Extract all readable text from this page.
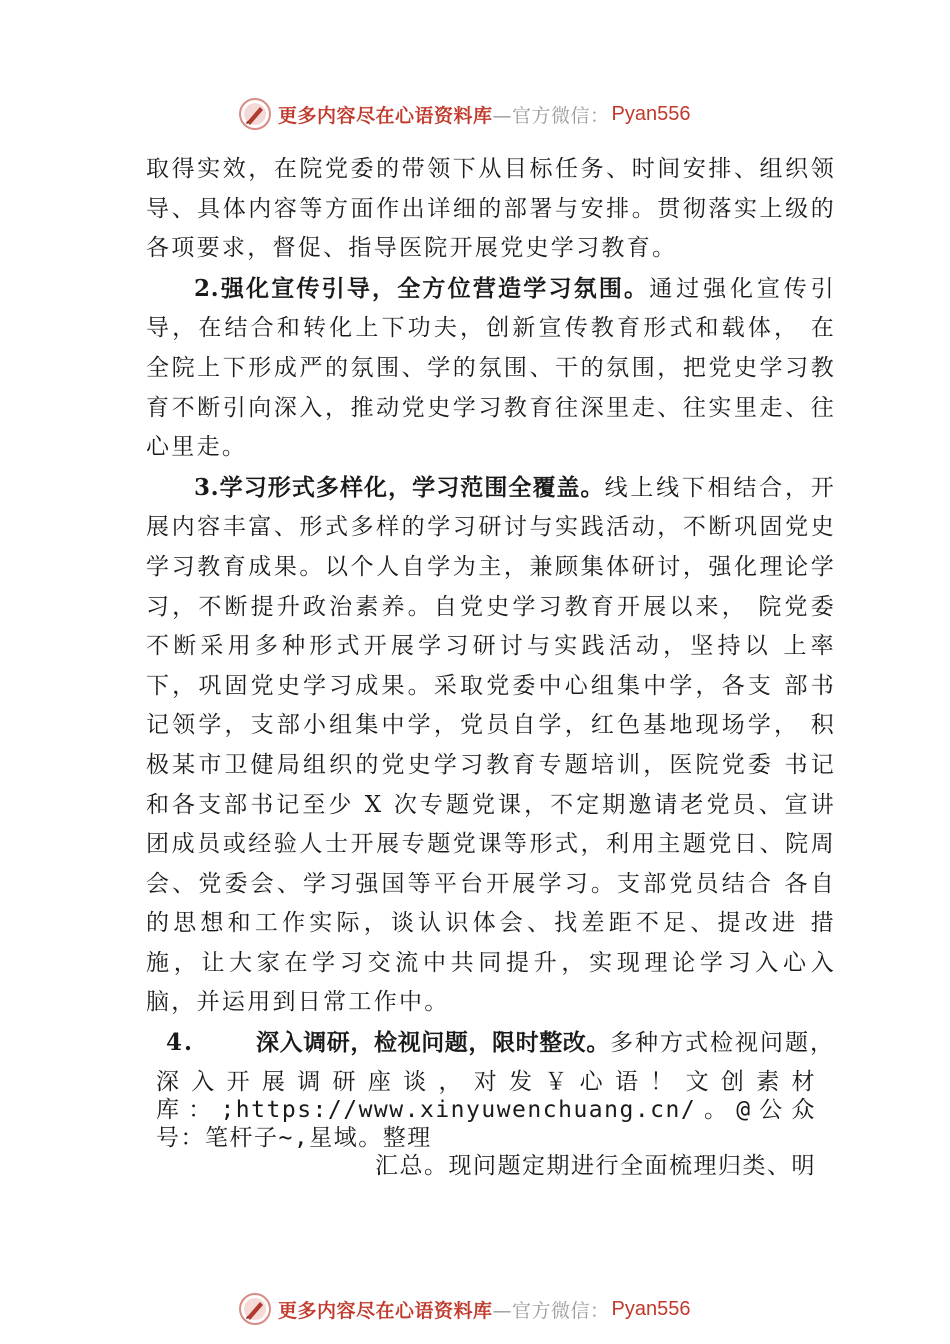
更多内容尽在心语资料库 —官方微信： Pyan556

取得实效，在院党委的带领下从目标任务、时间安排、组织领导、具体内容等方面作出详细的部署与安排。贯彻落实上级的各项要求，督促、指导医院开展党史学习教育。

2.强化宣传引导，全方位营造学习氛围。通过强化宣传引导，在结合和转化上下功夫，创新宣传教育形式和载体， 在全院上下形成严的氛围、学的氛围、干的氛围，把党史学习教育不断引向深入，推动党史学习教育往深里走、往实里走、往心里走。

3.学习形式多样化，学习范围全覆盖。线上线下相结合，开展内容丰富、形式多样的学习研讨与实践活动，不断巩固党史学习教育成果。以个人自学为主，兼顾集体研讨，强化理论学习，不断提升政治素养。自党史学习教育开展以来， 院党委不断采用多种形式开展学习研讨与实践活动，坚持以 上率下，巩固党史学习成果。采取党委中心组集中学，各支 部书记领学，支部小组集中学，党员自学，红色基地现场学， 积极某市卫健局组织的党史学习教育专题培训，医院党委 书记和各支部书记至少 X 次专题党课，不定期邀请老党员、宣讲团成员或经验人士开展专题党课等形式，利用主题党日、院周会、党委会、学习强国等平台开展学习。支部党员结合 各自的思想和工作实际，谈认识体会、找差距不足、提改进 措施，让大家在学习交流中共同提升，实现理论学习入心入 脑，并运用到日常工作中。

4.	深入调研，检视问题，限时整改。多种方式检视问题，

深入开展调研座谈，对发￥心语！文创素材库：;https://www.xinyuwenchuang.cn/。@公众号：笔杆子~,星域。整理
汇总。现问题定期进行全面梳理归类、明

更多内容尽在心语资料库 —官方微信： Pyan556
